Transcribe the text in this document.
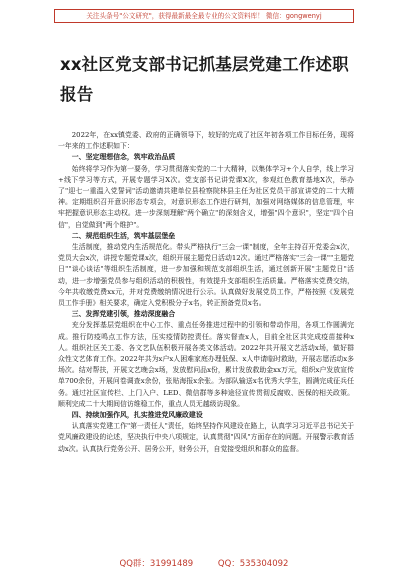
关注头条号"公文研究"，获得最新最全最专业的公文资料库！ 微信：gongwenyj
xx社区党支部书记抓基层党建工作述职报告

2022年，在xx镇党委、政府的正确领导下，较好的完成了社区年初各项工作目标任务，现将一年来的工作述职如下：

一、坚定理想信念，筑牢政治品质

始终将学习作为第一要务，学习贯彻落实党的二十大精神，以集体学习+个人自学，线上学习+线下学习等方式，开展专题学习X次。党支部书记讲党课X次，参观红色教育基地X次，举办了"迎七一重温入党誓词"活动邀请共建单位县检察院林县主任为社区党员干部宣讲党的二十大精神。定期组织召开意识形态专项会，对意识形态工作进行研判，加强对网络媒体的信息管理，牢牢把握意识形态主动权。进一步深刻理解"两个确立"的深刻含义，增强"四个意识"，坚定"四个自信"，自觉做到"两个维护"。

二、规范组织生活，筑牢基层堡垒

生活制度，推动党内生活规范化。带头严格执行"三会一课"制度，全年主持召开党委会x次，党员大会x次，讲授专题党课x次，组织开展主题党日活动12次。通过严格落实"三会一课""主题党日""谈心谈话"等组织生活制度，进一步加强和规范支部组织生活，通过创新开展"主题党日"活动，进一步增强党员参与组织活动的积极性，有效提升支部组织生活质量。严格落实党费交纳，今年共收缴党费xx元，并对党费缴纳情况进行公示。认真做好发展党员工作，严格按照《发展党员工作手册》相关要求，确定入党积极分子x名，转正预备党员x名。

三、发挥党建引领，推动深度融合

充分发挥基层党组织在中心工作、重点任务推进过程中的引领和带动作用，各项工作圆满完成。推行防疫鸣点工作方法，压实疫情防控责任。落实督查x人，目前全社区共完成疫苗接种x人。组织社区关工委、各文艺队伍积极开展各类文体活动。2022年共开展文艺活动x场，做好群众性文艺体育工作。2022年共为x户x人困难家庭办理低保、x人申请临时救助，开展志愿活动x多场次。结对帮扶，开展文艺晚会x场，发放慰问品x份，累计发放救助金xx万元，组织x户发放宣传单700余份，开展问卷调查x余份，张贴海报x余张。为部队输送x名优秀大学生，圆满完成征兵任务。通过社区宣传栏、上门入户、LED、微信群等多种途径宣传贯彻反腐败、医保的相关政策。顺利完成二十大期间信访维稳工作，重点人员无越级访现象。

四、持续加强作风，扎实推进党风廉政建设

认真落实党建工作"第一责任人"责任，始终坚持作风建设在路上，认真学习习近平总书记关于党风廉政建设的论述，坚决执行中央八项规定，认真贯彻"四风"方面存在的问题。开展警示教育活动x次。认真执行党务公开、居务公开，财务公开，自觉接受组织和群众的监督。

QQ群：31991489	QQ：535304092
